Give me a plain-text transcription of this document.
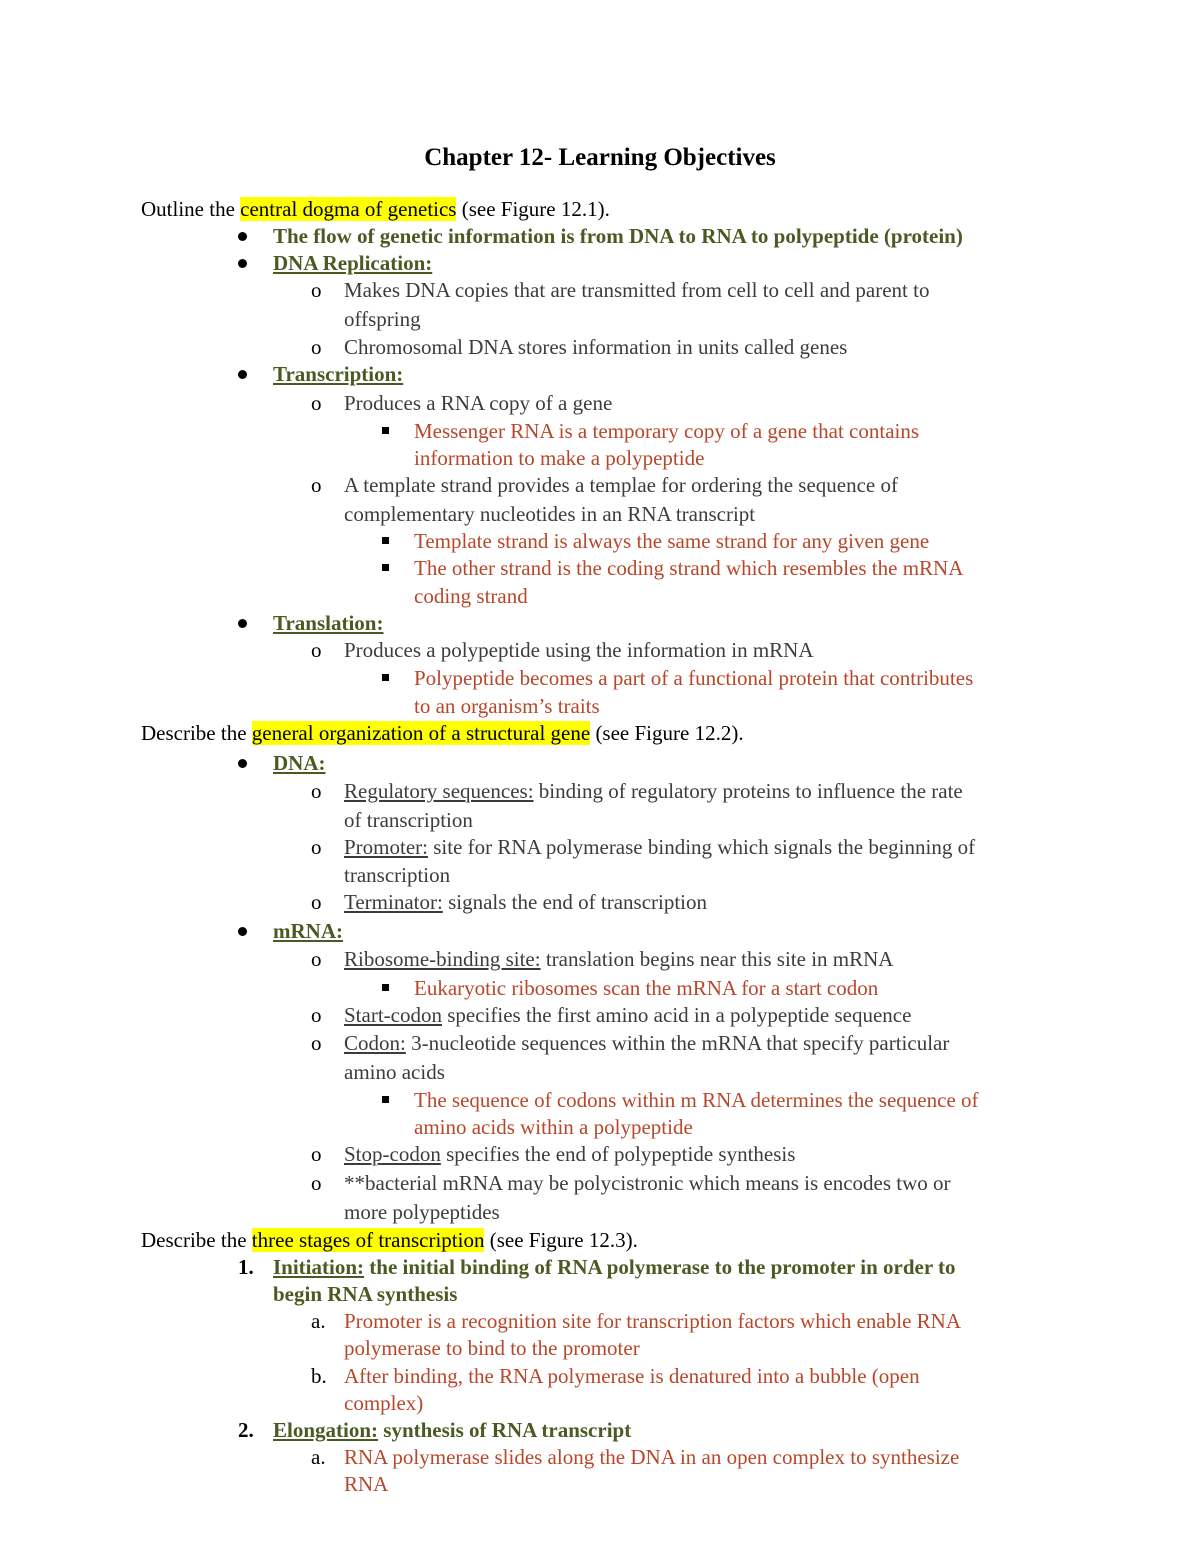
Chapter 12- Learning Objectives
Outline the central dogma of genetics (see Figure 12.1).
The flow of genetic information is from DNA to RNA to polypeptide (protein)
DNA Replication:
o Makes DNA copies that are transmitted from cell to cell and parent to
offspring
o Chromosomal DNA stores information in units called genes
Transcription:
o Produces a RNA copy of a gene
Messenger RNA is a temporary copy of a gene that contains
information to make a polypeptide
o A template strand provides a templae for ordering the sequence of
complementary nucleotides in an RNA transcript
Template strand is always the same strand for any given gene
The other strand is the coding strand which resembles the mRNA
coding strand
Translation:
o Produces a polypeptide using the information in mRNA
Polypeptide becomes a part of a functional protein that contributes
to an organism’s traits
Describe the general organization of a structural gene (see Figure 12.2).
DNA:
o Regulatory sequences: binding of regulatory proteins to influence the rate
of transcription
o Promoter: site for RNA polymerase binding which signals the beginning of
transcription
o Terminator: signals the end of transcription
mRNA:
o Ribosome-binding site: translation begins near this site in mRNA
Eukaryotic ribosomes scan the mRNA for a start codon
o Start-codon specifies the first amino acid in a polypeptide sequence
o Codon: 3-nucleotide sequences within the mRNA that specify particular
amino acids
The sequence of codons within m RNA determines the sequence of
amino acids within a polypeptide
o Stop-codon specifies the end of polypeptide synthesis
o **bacterial mRNA may be polycistronic which means is encodes two or
more polypeptides
Describe the three stages of transcription (see Figure 12.3).
1. Initiation: the initial binding of RNA polymerase to the promoter in order to
begin RNA synthesis
a. Promoter is a recognition site for transcription factors which enable RNA
polymerase to bind to the promoter
b. After binding, the RNA polymerase is denatured into a bubble (open
complex)
2. Elongation: synthesis of RNA transcript
a. RNA polymerase slides along the DNA in an open complex to synthesize
RNA
